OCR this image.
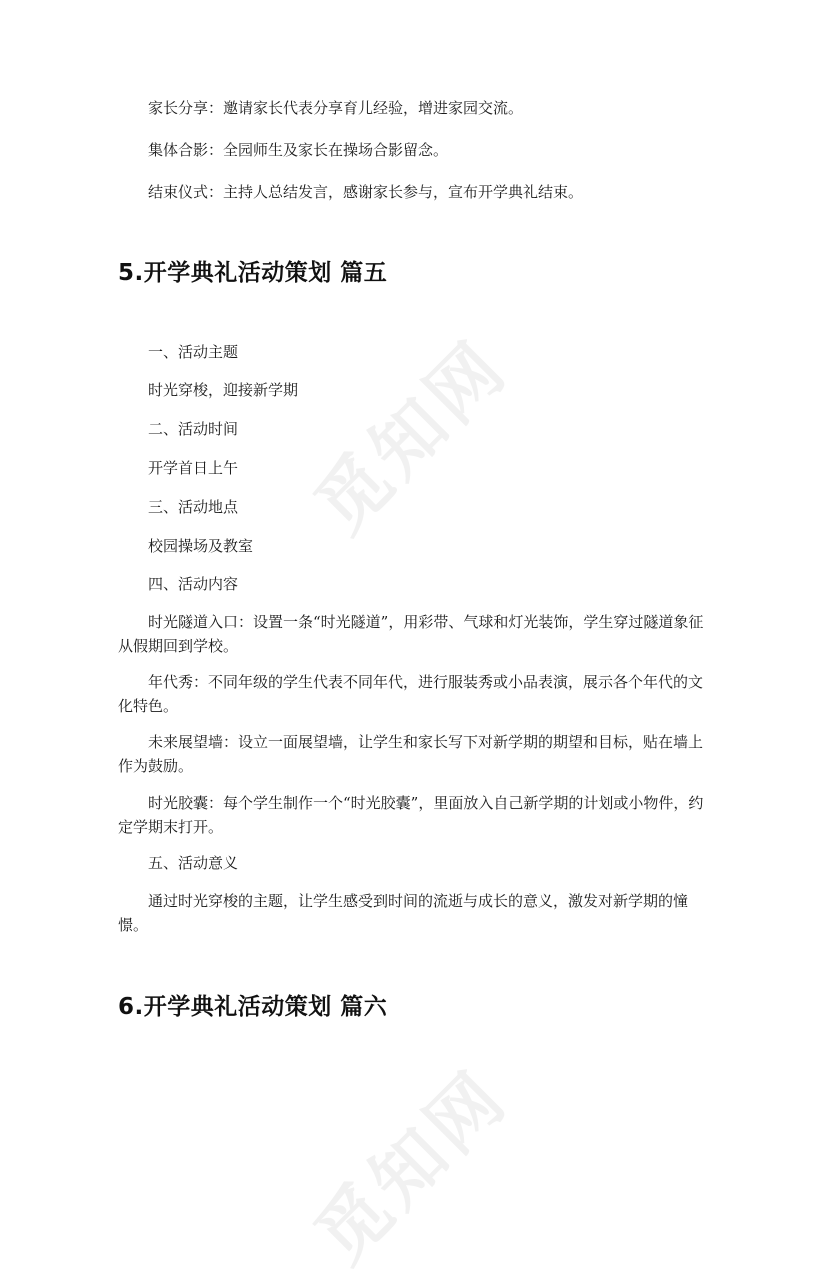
觅知网
觅知网

家长分享：邀请家长代表分享育儿经验，增进家园交流。

集体合影：全园师生及家长在操场合影留念。

结束仪式：主持人总结发言，感谢家长参与，宣布开学典礼结束。

5.开学典礼活动策划 篇五

一、活动主题

时光穿梭，迎接新学期

二、活动时间

开学首日上午

三、活动地点

校园操场及教室

四、活动内容

时光隧道入口：设置一条“时光隧道”，用彩带、气球和灯光装饰，学生穿过隧道象征从假期回到学校。

年代秀：不同年级的学生代表不同年代，进行服装秀或小品表演，展示各个年代的文化特色。

未来展望墙：设立一面展望墙，让学生和家长写下对新学期的期望和目标，贴在墙上作为鼓励。

时光胶囊：每个学生制作一个“时光胶囊”，里面放入自己新学期的计划或小物件，约定学期末打开。

五、活动意义

通过时光穿梭的主题，让学生感受到时间的流逝与成长的意义，激发对新学期的憧憬。

6.开学典礼活动策划 篇六
